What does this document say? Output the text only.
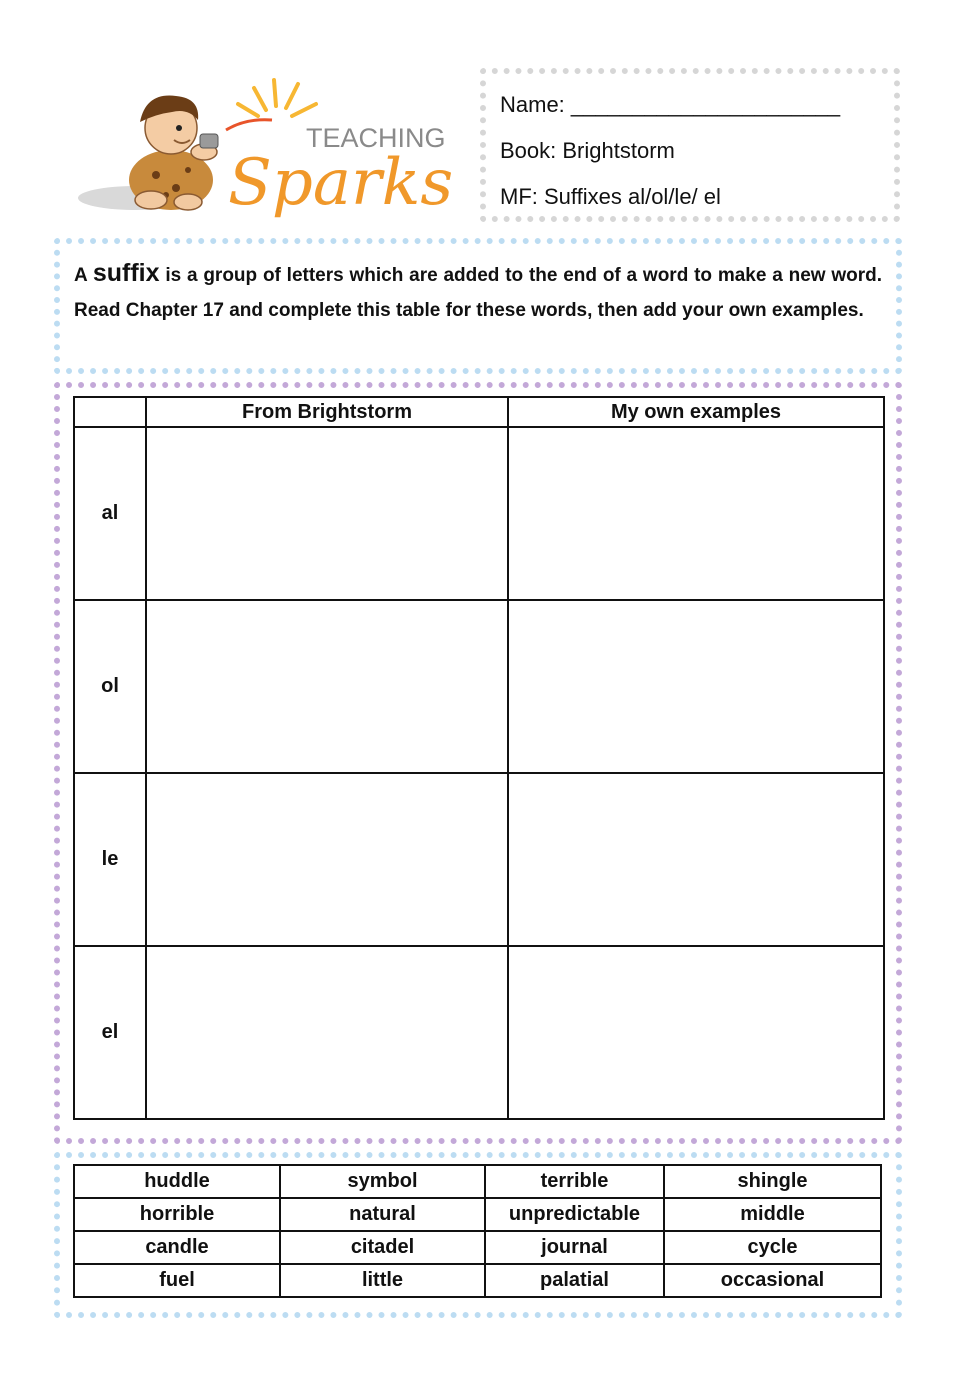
TEACHING
Sparks
Name: ______________________
Book: Brightstorm
MF: Suffixes al/ol/le/ el
A suffix is a group of letters which are added to the end of a word to make a new word. Read Chapter 17 and complete this table for these words, then add your own examples.
	From Brightstorm	My own examples
al		
ol		
le		
el		
huddle	symbol	terrible	shingle
horrible	natural	unpredictable	middle
candle	citadel	journal	cycle
fuel	little	palatial	occasional
